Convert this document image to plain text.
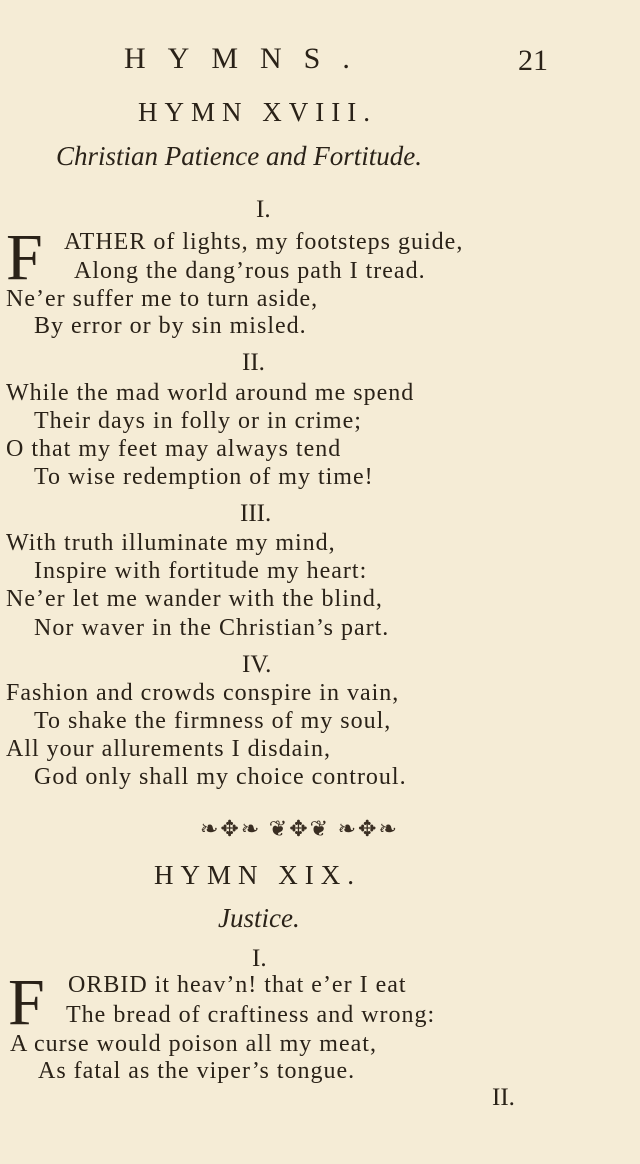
HYMNS.	21
HYMN XVIII.
Christian Patience and Fortitude.
I.
F ATHER of lights, my footsteps guide,
Along the dang’rous path I tread.
Ne’er suffer me to turn aside,
By error or by sin misled.
II.
While the mad world around me spend
Their days in folly or in crime;
O that my feet may always tend
To wise redemption of my time!
III.
With truth illuminate my mind,
Inspire with fortitude my heart:
Ne’er let me wander with the blind,
Nor waver in the Christian’s part.
IV.
Fashion and crowds conspire in vain,
To shake the firmness of my soul,
All your allurements I disdain,
God only shall my choice controul.
❧✥❧ ❦✥❦ ❧✥❧
HYMN XIX.
Justice.
I.
F ORBID it heav’n! that e’er I eat
The bread of craftiness and wrong:
A curse would poison all my meat,
As fatal as the viper’s tongue.
II.
